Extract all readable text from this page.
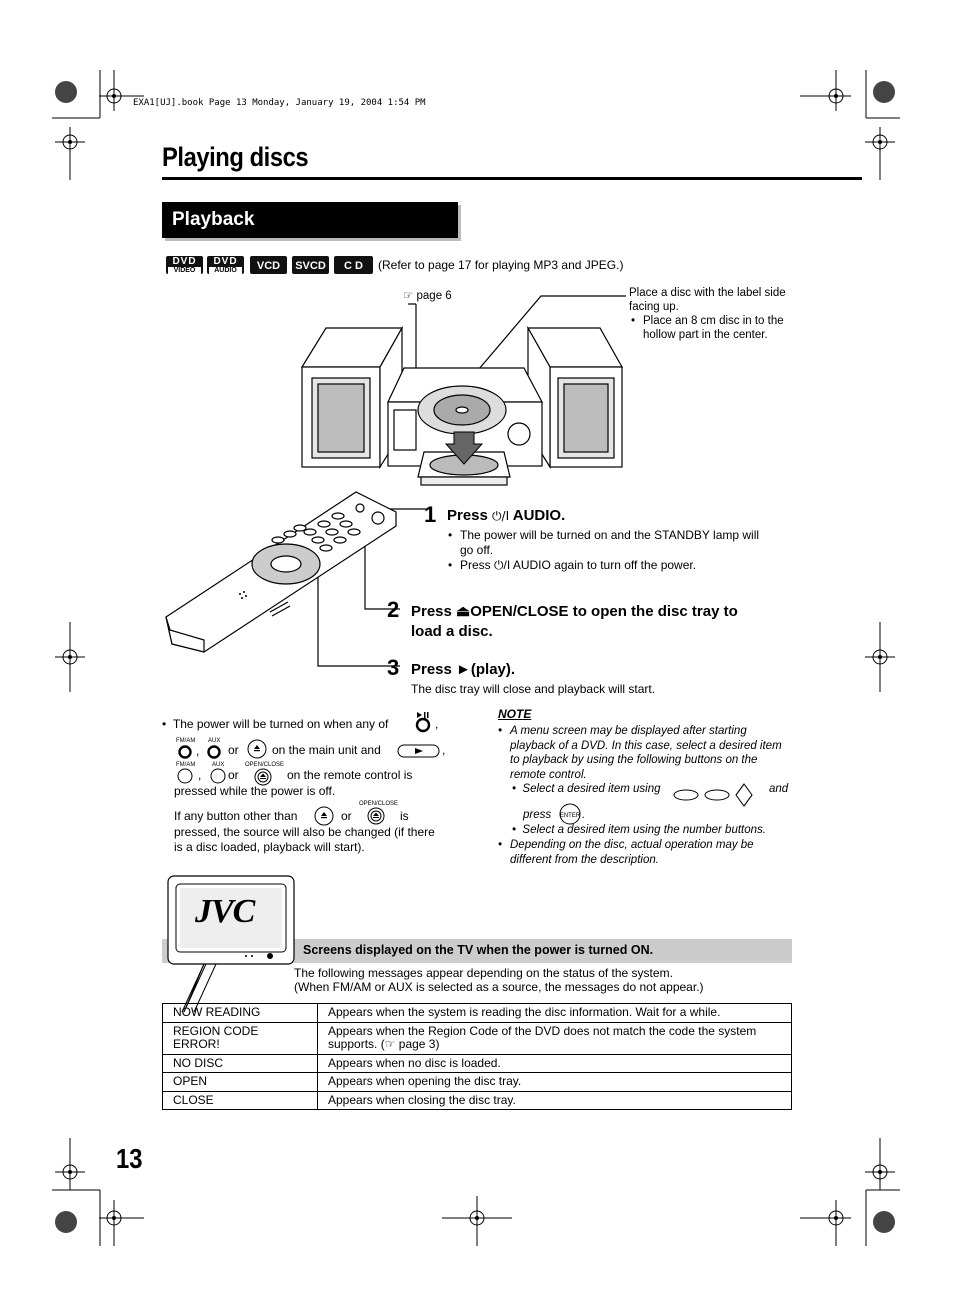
EXA1[UJ].book Page 13 Monday, January 19, 2004 1:54 PM
Playing discs
Playback
DVD
VIDEO
DVD
AUDIO	VCD	SVCD	C D	(Refer to page 17 for playing MP3 and JPEG.)
☞ page 6	Place a disc with the label side facing up.
• Place an 8 cm disc in to the hollow part in the center.
1 Press ⏻/I AUDIO.
• The power will be turned on and the STANDBY lamp will go off.
• Press ⏻/I AUDIO again to turn off the power.
2 Press ⏏OPEN/CLOSE to open the disc tray to load a disc.
3 Press ►(play).
The disc tray will close and playback will start.
•  The power will be turned on when any of	,
FM/AM
,
AUX
or	on the main unit and	,
FM/AM
,
AUX
or
OPEN/CLOSE
on the remote control is
pressed while the power is off.
If any button other than	or
OPEN/CLOSE
is
pressed, the source will also be changed (if there is a disc loaded, playback will start).
NOTE
• A menu screen may be displayed after starting playback of a DVD. In this case, select a desired item to playback by using the following buttons on the remote control.
•  Select a desired item using	and
press ENTER .
•  Select a desired item using the number buttons.
• Depending on the disc, actual operation may be different from the description.
Screens displayed on the TV when the power is turned ON.
JVC
The following messages appear depending on the status of the system.
(When FM/AM or AUX is selected as a source, the messages do not appear.)
NOW READING	Appears when the system is reading the disc information. Wait for a while.
REGION CODE ERROR!	Appears when the Region Code of the DVD does not match the code the system supports. (☞ page 3)
NO DISC	Appears when no disc is loaded.
OPEN	Appears when opening the disc tray.
CLOSE	Appears when closing the disc tray.
13
